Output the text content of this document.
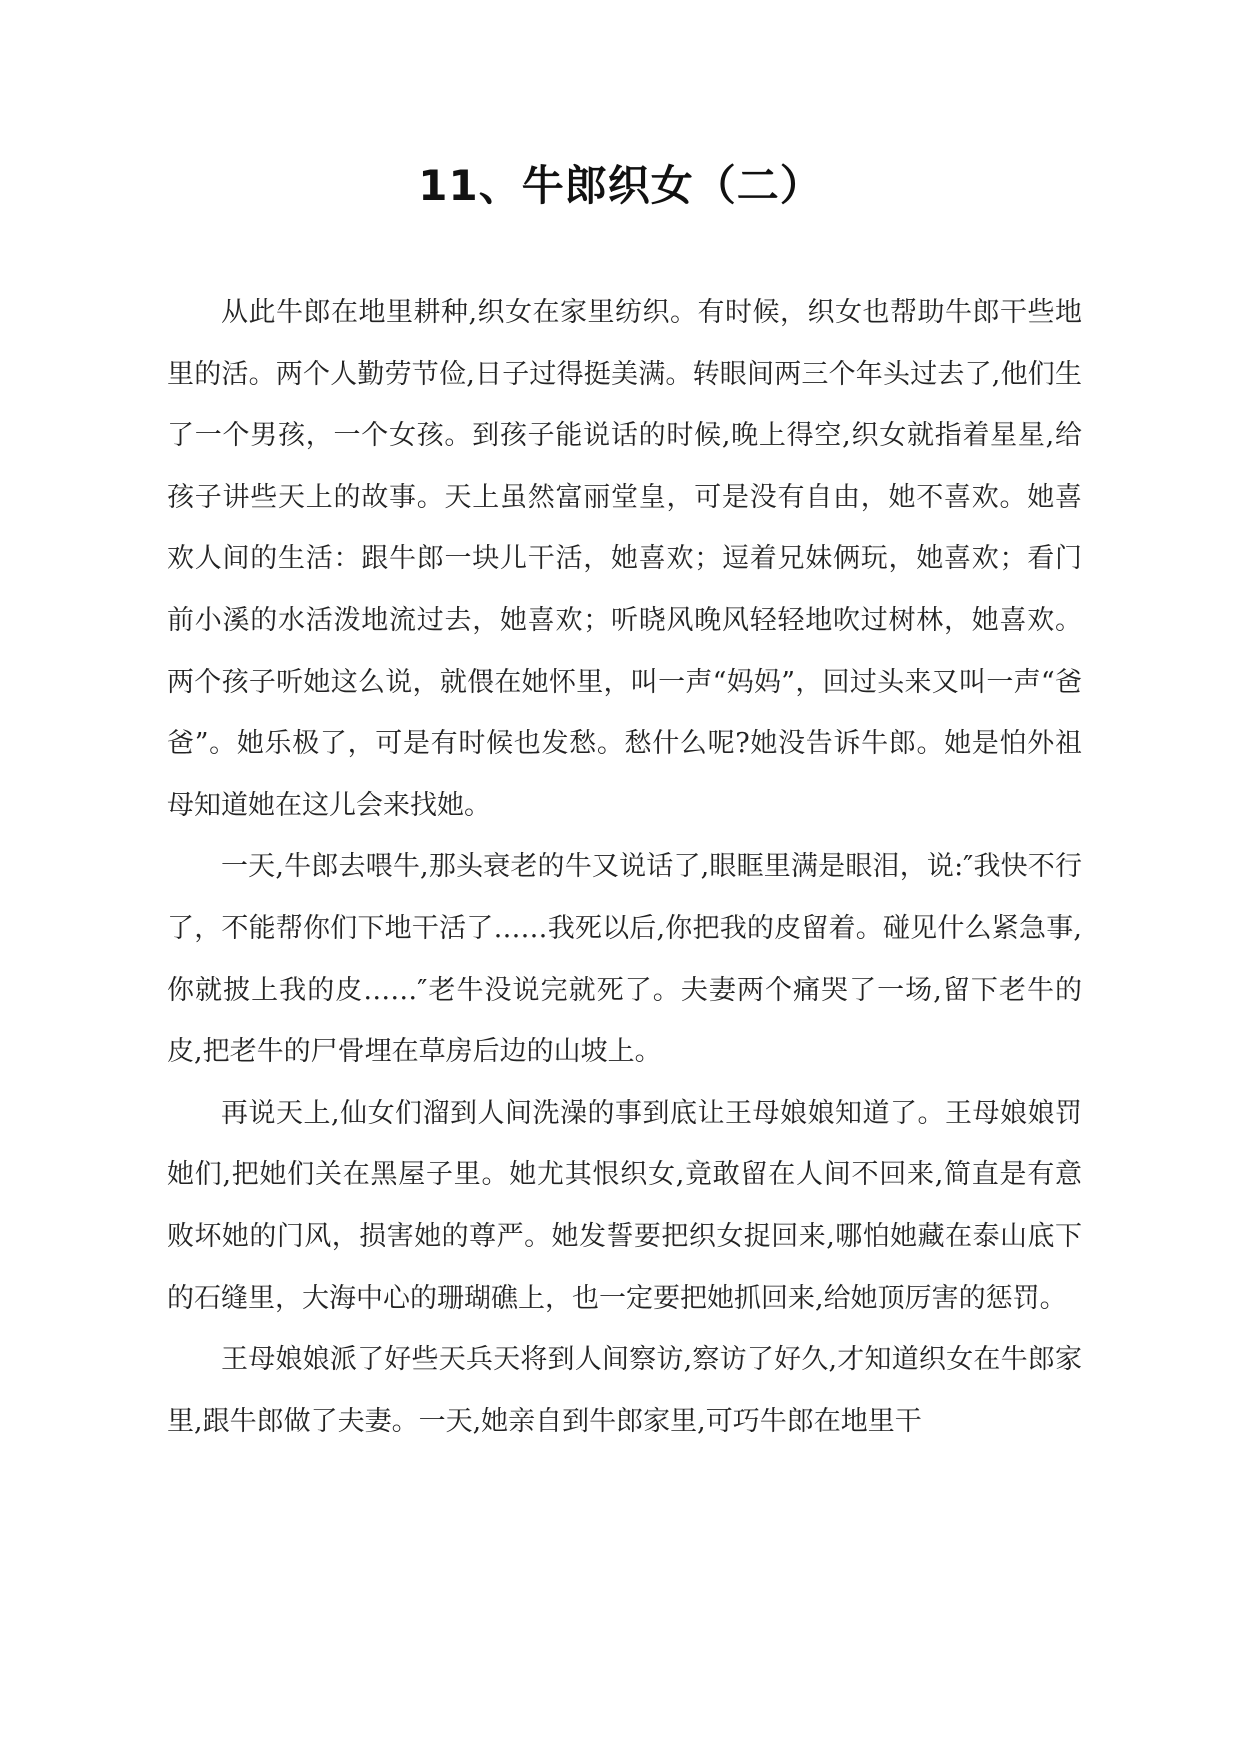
11、牛郎织女（二）

从此牛郎在地里耕种,织女在家里纺织。有时候，织女也帮助牛郎干些地里的活。两个人勤劳节俭,日子过得挺美满。转眼间两三个年头过去了,他们生了一个男孩，一个女孩。到孩子能说话的时候,晚上得空,织女就指着星星,给孩子讲些天上的故事。天上虽然富丽堂皇，可是没有自由，她不喜欢。她喜欢人间的生活：跟牛郎一块儿干活，她喜欢；逗着兄妹俩玩，她喜欢；看门前小溪的水活泼地流过去，她喜欢；听晓风晚风轻轻地吹过树林，她喜欢。两个孩子听她这么说，就偎在她怀里，叫一声“妈妈”，回过头来又叫一声“爸爸”。她乐极了，可是有时候也发愁。愁什么呢?她没告诉牛郎。她是怕外祖母知道她在这儿会来找她。

一天,牛郎去喂牛,那头衰老的牛又说话了,眼眶里满是眼泪，说:″我快不行了，不能帮你们下地干活了……我死以后,你把我的皮留着。碰见什么紧急事,你就披上我的皮……″老牛没说完就死了。夫妻两个痛哭了一场,留下老牛的皮,把老牛的尸骨埋在草房后边的山坡上。

再说天上,仙女们溜到人间洗澡的事到底让王母娘娘知道了。王母娘娘罚她们,把她们关在黑屋子里。她尤其恨织女,竟敢留在人间不回来,简直是有意败坏她的门风，损害她的尊严。她发誓要把织女捉回来,哪怕她藏在泰山底下的石缝里，大海中心的珊瑚礁上，也一定要把她抓回来,给她顶厉害的惩罚。

王母娘娘派了好些天兵天将到人间察访,察访了好久,才知道织女在牛郎家里,跟牛郎做了夫妻。一天,她亲自到牛郎家里,可巧牛郎在地里干
